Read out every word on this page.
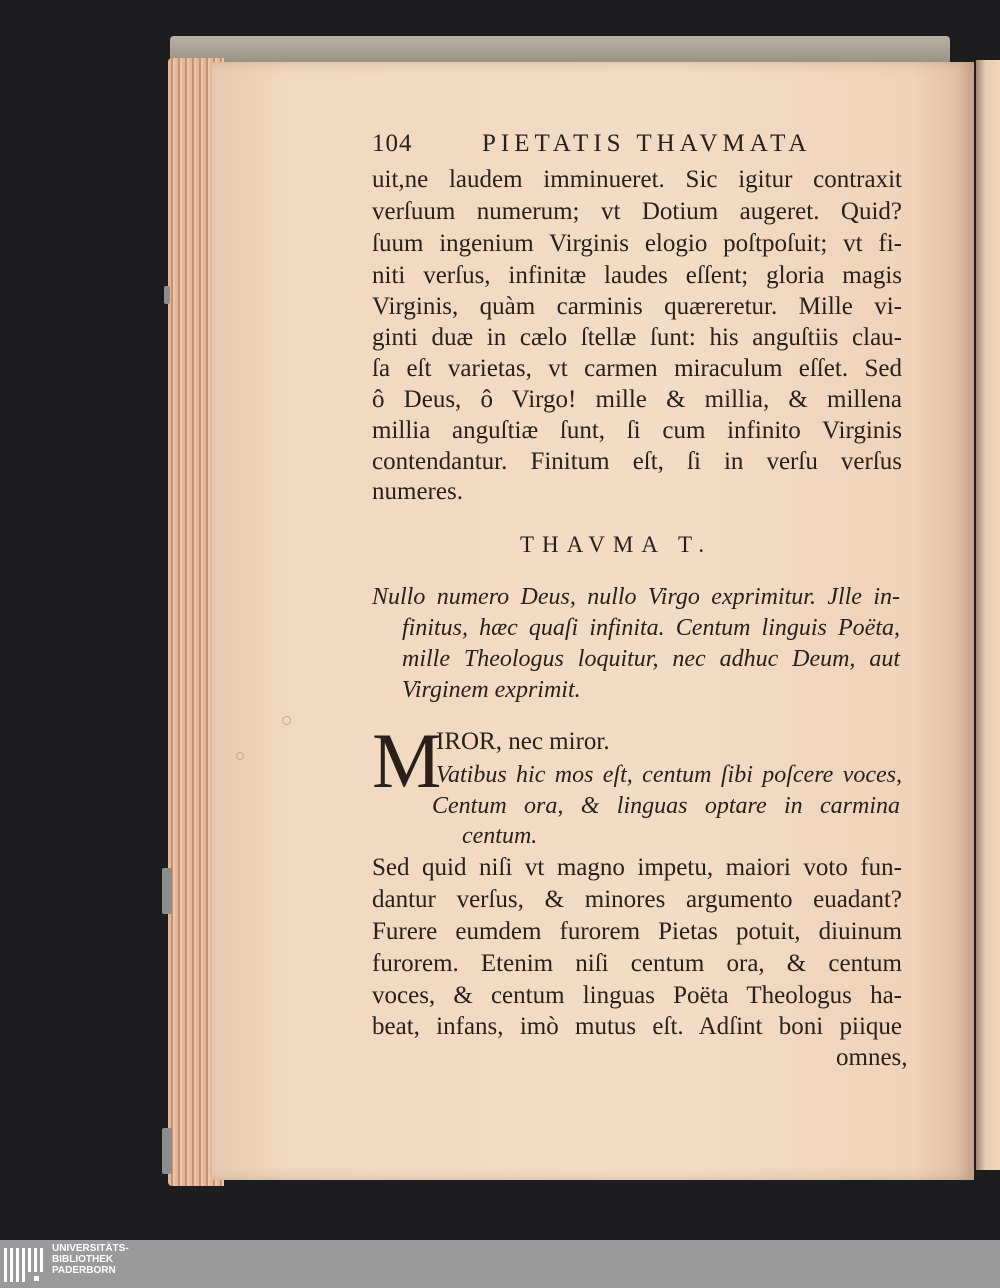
104	PIETATIS THAVMATA
uit,ne laudem imminueret. Sic igitur contraxit
verſuum numerum; vt Dotium augeret. Quid?
ſuum ingenium Virginis elogio poſtpoſuit; vt fi-
niti verſus, infinitæ laudes eſſent; gloria magis
Virginis, quàm carminis quæreretur. Mille vi-
ginti duæ in cælo ſtellæ ſunt: his anguſtiis clau-
ſa eſt varietas, vt carmen miraculum eſſet. Sed
ô Deus, ô Virgo! mille & millia, & millena
millia anguſtiæ ſunt, ſi cum infinito Virginis
contendantur. Finitum eſt, ſi in verſu verſus
numeres.
THAVMA T.
Nullo numero Deus, nullo Virgo exprimitur. Jlle in-
finitus, hæc quaſi infinita. Centum linguis Poëta,
mille Theologus loquitur, nec adhuc Deum, aut
Virginem exprimit.
M
IROR, nec miror.
Vatibus hic mos eſt, centum ſibi poſcere voces,
Centum ora, & linguas optare in carmina
centum.
Sed quid niſi vt magno impetu, maiori voto fun-
dantur verſus, & minores argumento euadant?
Furere eumdem furorem Pietas potuit, diuinum
furorem. Etenim niſi centum ora, & centum
voces, & centum linguas Poëta Theologus ha-
beat, infans, imò mutus eſt. Adſint boni piique
omnes,
UNIVERSITÄTS-
BIBLIOTHEK
PADERBORN
